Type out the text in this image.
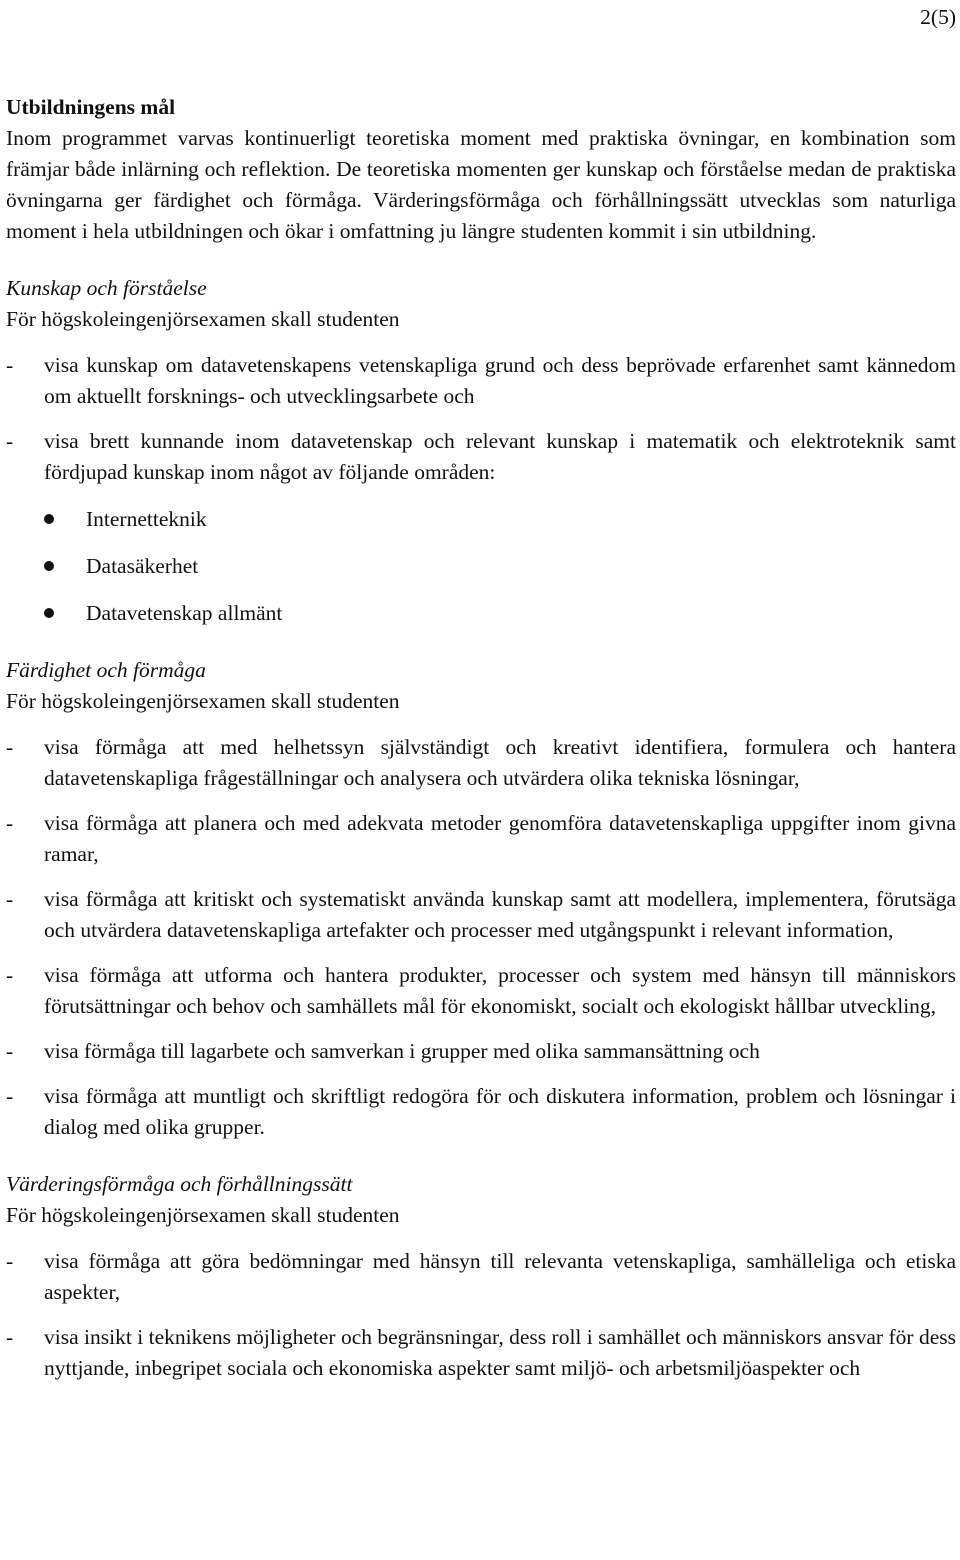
2(5)
Utbildningens mål

Inom programmet varvas kontinuerligt teoretiska moment med praktiska övningar, en kombination som främjar både inlärning och reflektion. De teoretiska momenten ger kunskap och förståelse medan de praktiska övningarna ger färdighet och förmåga. Värderingsförmåga och förhållningssätt utvecklas som naturliga moment i hela utbildningen och ökar i omfattning ju längre studenten kommit i sin utbildning.

Kunskap och förståelse

För högskoleingenjörsexamen skall studenten

- visa kunskap om datavetenskapens vetenskapliga grund och dess beprövade erfarenhet samt kännedom om aktuellt forsknings- och utvecklingsarbete och
- visa brett kunnande inom datavetenskap och relevant kunskap i matematik och elektroteknik samt fördjupad kunskap inom något av följande områden:
Internetteknik
Datasäkerhet
Datavetenskap allmänt

Färdighet och förmåga

För högskoleingenjörsexamen skall studenten

- visa förmåga att med helhetssyn självständigt och kreativt identifiera, formulera och hantera datavetenskapliga frågeställningar och analysera och utvärdera olika tekniska lösningar,
- visa förmåga att planera och med adekvata metoder genomföra datavetenskapliga uppgifter inom givna ramar,
- visa förmåga att kritiskt och systematiskt använda kunskap samt att modellera, implementera, förutsäga och utvärdera datavetenskapliga artefakter och processer med utgångspunkt i relevant information,
- visa förmåga att utforma och hantera produkter, processer och system med hänsyn till människors förutsättningar och behov och samhällets mål för ekonomiskt, socialt och ekologiskt hållbar utveckling,
- visa förmåga till lagarbete och samverkan i grupper med olika sammansättning och
- visa förmåga att muntligt och skriftligt redogöra för och diskutera information, problem och lösningar i dialog med olika grupper.

Värderingsförmåga och förhållningssätt

För högskoleingenjörsexamen skall studenten

- visa förmåga att göra bedömningar med hänsyn till relevanta vetenskapliga, samhälleliga och etiska aspekter,
- visa insikt i teknikens möjligheter och begränsningar, dess roll i samhället och människors ansvar för dess nyttjande, inbegripet sociala och ekonomiska aspekter samt miljö- och arbetsmiljöaspekter och
